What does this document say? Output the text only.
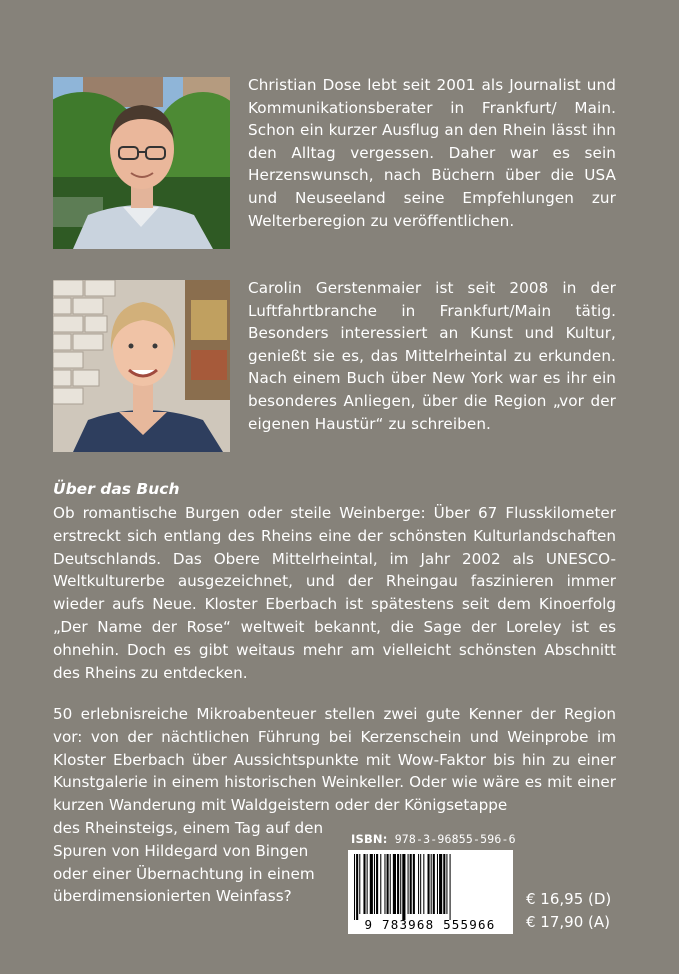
Christian Dose lebt seit 2001 als Journalist und Kommunikationsberater in Frankfurt/ Main. Schon ein kurzer Ausflug an den Rhein lässt ihn den Alltag vergessen. Daher war es sein Herzenswunsch, nach Büchern über die USA und Neuseeland seine Empfehlungen zur Welterberegion zu veröffentlichen.

Carolin Gerstenmaier ist seit 2008 in der Luftfahrtbranche in Frankfurt/Main tätig. Besonders interessiert an Kunst und Kultur, genießt sie es, das Mittelrheintal zu erkunden. Nach einem Buch über New York war es ihr ein besonderes Anliegen, über die Region „vor der eigenen Haustür“ zu schreiben.

Über das Buch

Ob romantische Burgen oder steile Weinberge: Über 67 Flusskilometer erstreckt sich entlang des Rheins eine der schönsten Kulturlandschaften Deutschlands. Das Obere Mittelrheintal, im Jahr 2002 als UNESCO-Weltkulturerbe ausgezeichnet, und der Rheingau faszinieren immer wieder aufs Neue. Kloster Eberbach ist spätestens seit dem Kinoerfolg „Der Name der Rose“ weltweit bekannt, die Sage der Loreley ist es ohnehin. Doch es gibt weitaus mehr am vielleicht schönsten Abschnitt des Rheins zu entdecken.

50 erlebnisreiche Mikroabenteuer stellen zwei gute Kenner der Region vor: von der nächtlichen Führung bei Kerzenschein und Weinprobe im Kloster Eberbach über Aussichtspunkte mit Wow-Faktor bis hin zu einer Kunstgalerie in einem historischen Weinkeller. Oder wie wäre es mit einer kurzen Wanderung mit Waldgeistern oder der Königsetappe

des Rheinsteigs, einem Tag auf den Spuren von Hildegard von Bingen oder einer Übernachtung in einem überdimensionierten Weinfass?

ISBN: 978-3-96855-596-6
9 783968 555966
€ 16,95 (D)
€ 17,90 (A)
